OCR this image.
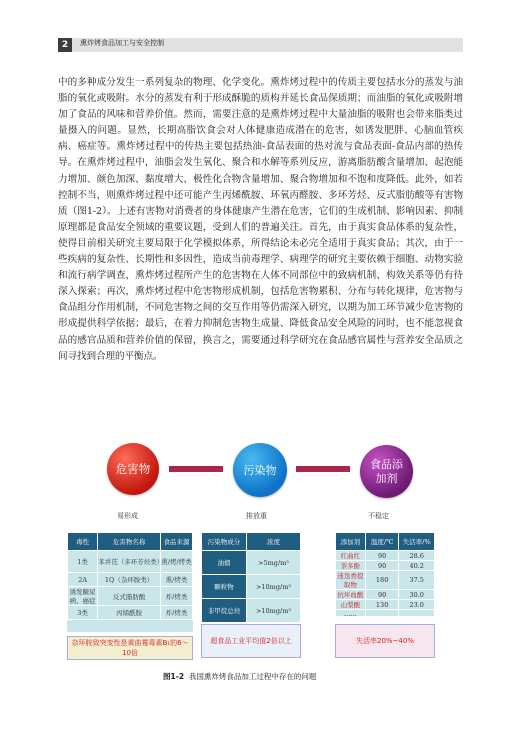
2	熏炸烤食品加工与安全控制

中的多种成分发生一系列复杂的物理、化学变化。熏炸烤过程中的传质主要包括水分的蒸发与油脂的氧化或吸附。水分的蒸发有利于形成酥脆的质构并延长食品保质期；而油脂的氧化或吸附增加了食品的风味和营养价值。然而，需要注意的是熏炸烤过程中大量油脂的吸附也会带来脂类过量摄入的问题。显然，长期高脂饮食会对人体健康造成潜在的危害，如诱发肥胖、心脑血管疾病、癌症等。熏炸烤过程中的传热主要包括热油-食品表面的热对流与食品表面-食品内部的热传导。在熏炸烤过程中，油脂会发生氧化、聚合和水解等系列反应，游离脂肪酸含量增加、起泡能力增加、颜色加深、黏度增大、极性化合物含量增加、聚合物增加和不饱和度降低。此外，如若控制不当，则熏炸烤过程中还可能产生丙烯酰胺、环氧丙醛胺、多环芳烃、反式脂肪酸等有害物质（图1-2）。上述有害物对消费者的身体健康产生潜在危害，它们的生成机制、影响因素、抑制原理都是食品安全领域的重要议题，受到人们的普遍关注。首先，由于真实食品体系的复杂性，使得目前相关研究主要局限于化学模拟体系，所得结论未必完全适用于真实食品；其次，由于一些疾病的复杂性、长期性和多因性，造成当前毒理学、病理学的研究主要依赖于细胞、动物实验和流行病学调查，熏炸烤过程所产生的危害物在人体不同部位中的致病机制、构效关系等仍有待深入探索；再次，熏炸烤过程中危害物形成机制，包括危害物累积、分布与转化规律，危害物与食品组分作用机制，不同危害物之间的交互作用等仍需深入研究，以期为加工环节减少危害物的形成提供科学依据；最后，在着力抑制危害物生成量、降低食品安全风险的同时，也不能忽视食品的感官品质和营养价值的保留，换言之，需要通过科学研究在食品感官属性与营养安全品质之间寻找到合理的平衡点。

危害物	污染物	食品添加剂
易形成	排放重	不稳定
毒性	危害物名称	食品来源
1类	苯并芘（多环芳烃类）	熏/烤/烤类
2A	1Q（杂环胺类）	熏/烤类
诱发糖尿病、癌症	反式脂肪酸	炸/烤类
3类	丙烯酰胺	炸/烤类
杂环胺致突变性是黄曲霉毒素B₁的6～10倍
污染物成分	浓度
油烟	>5mg/m³
颗粒物	>10mg/m³
非甲烷总烃	>10mg/m³
超食品工业平均值2倍以上
添加剂	温度/℃	失活率/%
红曲红	90	28.6
茶多酚	90	40.2
迷迭香提取物	180	37.5
抗坏血酸	90	30.0
山梨酸	130	23.0
……		
失活率20%~40%
图1-2 我国熏炸烤食品加工过程中存在的问题
